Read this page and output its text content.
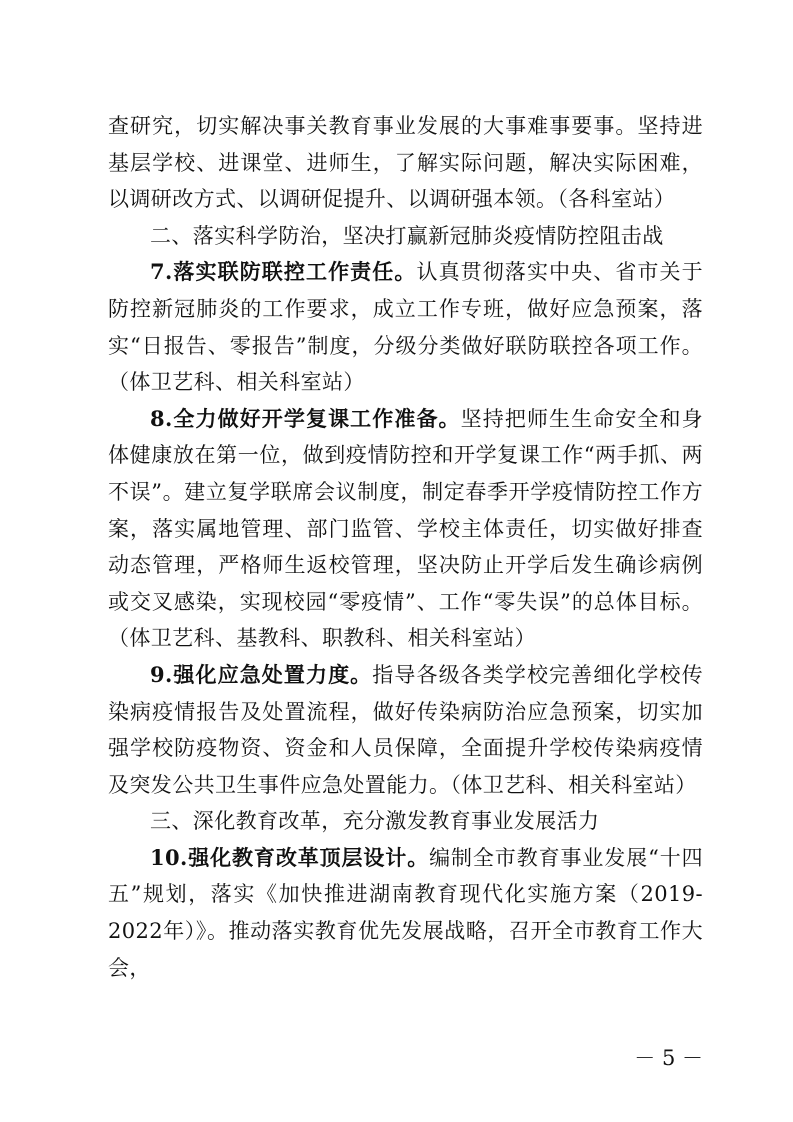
查研究，切实解决事关教育事业发展的大事难事要事。坚持进基层学校、进课堂、进师生，了解实际问题，解决实际困难，以调研改方式、以调研促提升、以调研强本领。（各科室站）

二、落实科学防治，坚决打赢新冠肺炎疫情防控阻击战

7.落实联防联控工作责任。认真贯彻落实中央、省市关于防控新冠肺炎的工作要求，成立工作专班，做好应急预案，落实“日报告、零报告”制度，分级分类做好联防联控各项工作。（体卫艺科、相关科室站）

8.全力做好开学复课工作准备。坚持把师生生命安全和身体健康放在第一位，做到疫情防控和开学复课工作“两手抓、两不误”。建立复学联席会议制度，制定春季开学疫情防控工作方案，落实属地管理、部门监管、学校主体责任，切实做好排查动态管理，严格师生返校管理，坚决防止开学后发生确诊病例或交叉感染，实现校园“零疫情”、工作“零失误”的总体目标。（体卫艺科、基教科、职教科、相关科室站）

9.强化应急处置力度。指导各级各类学校完善细化学校传染病疫情报告及处置流程，做好传染病防治应急预案，切实加强学校防疫物资、资金和人员保障，全面提升学校传染病疫情及突发公共卫生事件应急处置能力。（体卫艺科、相关科室站）

三、深化教育改革，充分激发教育事业发展活力

10.强化教育改革顶层设计。编制全市教育事业发展“十四五”规划，落实《加快推进湖南教育现代化实施方案（2019-2022年）》。推动落实教育优先发展战略，召开全市教育工作大会，

－ 5 －
